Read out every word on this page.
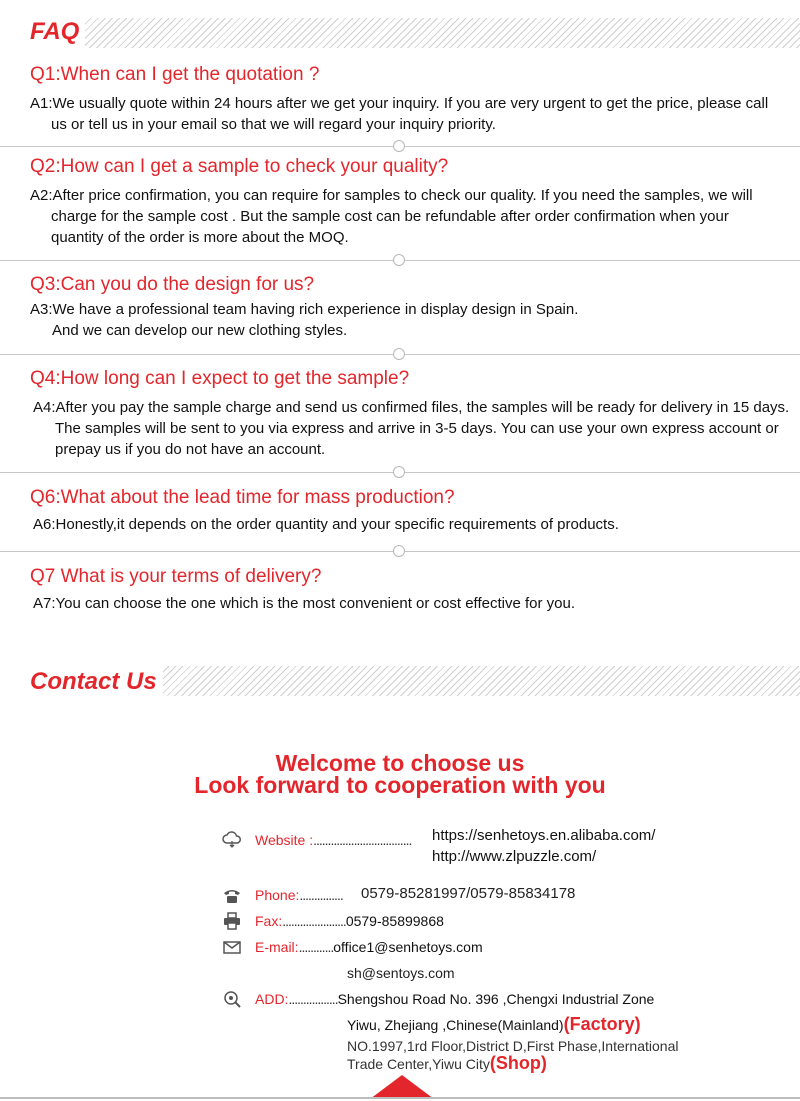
FAQ
Q1:When can I get the quotation ?
A1:We usually quote within 24 hours after we get your inquiry. If you are very urgent to get the price, please call
us or tell us in your email so that we will regard your inquiry priority.
Q2:How can I get a sample to check your quality?
A2:After price confirmation, you can require for samples to check our quality. If you need the samples, we will
charge for the sample cost . But the sample cost can be refundable after order confirmation when your
quantity of the order is more about the MOQ.
Q3:Can you do the design for us?
A3:We have a professional team having rich experience in display design in Spain.
And we can develop our new clothing styles.
Q4:How long can I expect to get the sample?
A4:After you pay the sample charge and send us confirmed files, the samples will be ready for delivery in 15 days.
The samples will be sent to you via express and arrive in 3-5 days. You can use your own express account or
prepay us if you do not have an account.
Q6:What about the lead time for mass production?
A6:Honestly,it depends on the order quantity and your specific requirements of products.
Q7 What is your terms of delivery?
A7:You can choose the one which is the most convenient or cost effective for you.
Contact Us
Welcome to choose us
Look forward to cooperation with you
Website :.................................. https://senhetoys.en.alibaba.com/
http://www.zlpuzzle.com/
Phone:............... 0579-85281997/0579-85834178
Fax:......................0579-85899868
E-mail:............office1@senhetoys.com
sh@sentoys.com
ADD:.................Shengshou Road No. 396 ,Chengxi Industrial Zone
Yiwu, Zhejiang ,Chinese(Mainland)(Factory)
NO.1997,1rd Floor,District D,First Phase,International
Trade Center,Yiwu City(Shop)
